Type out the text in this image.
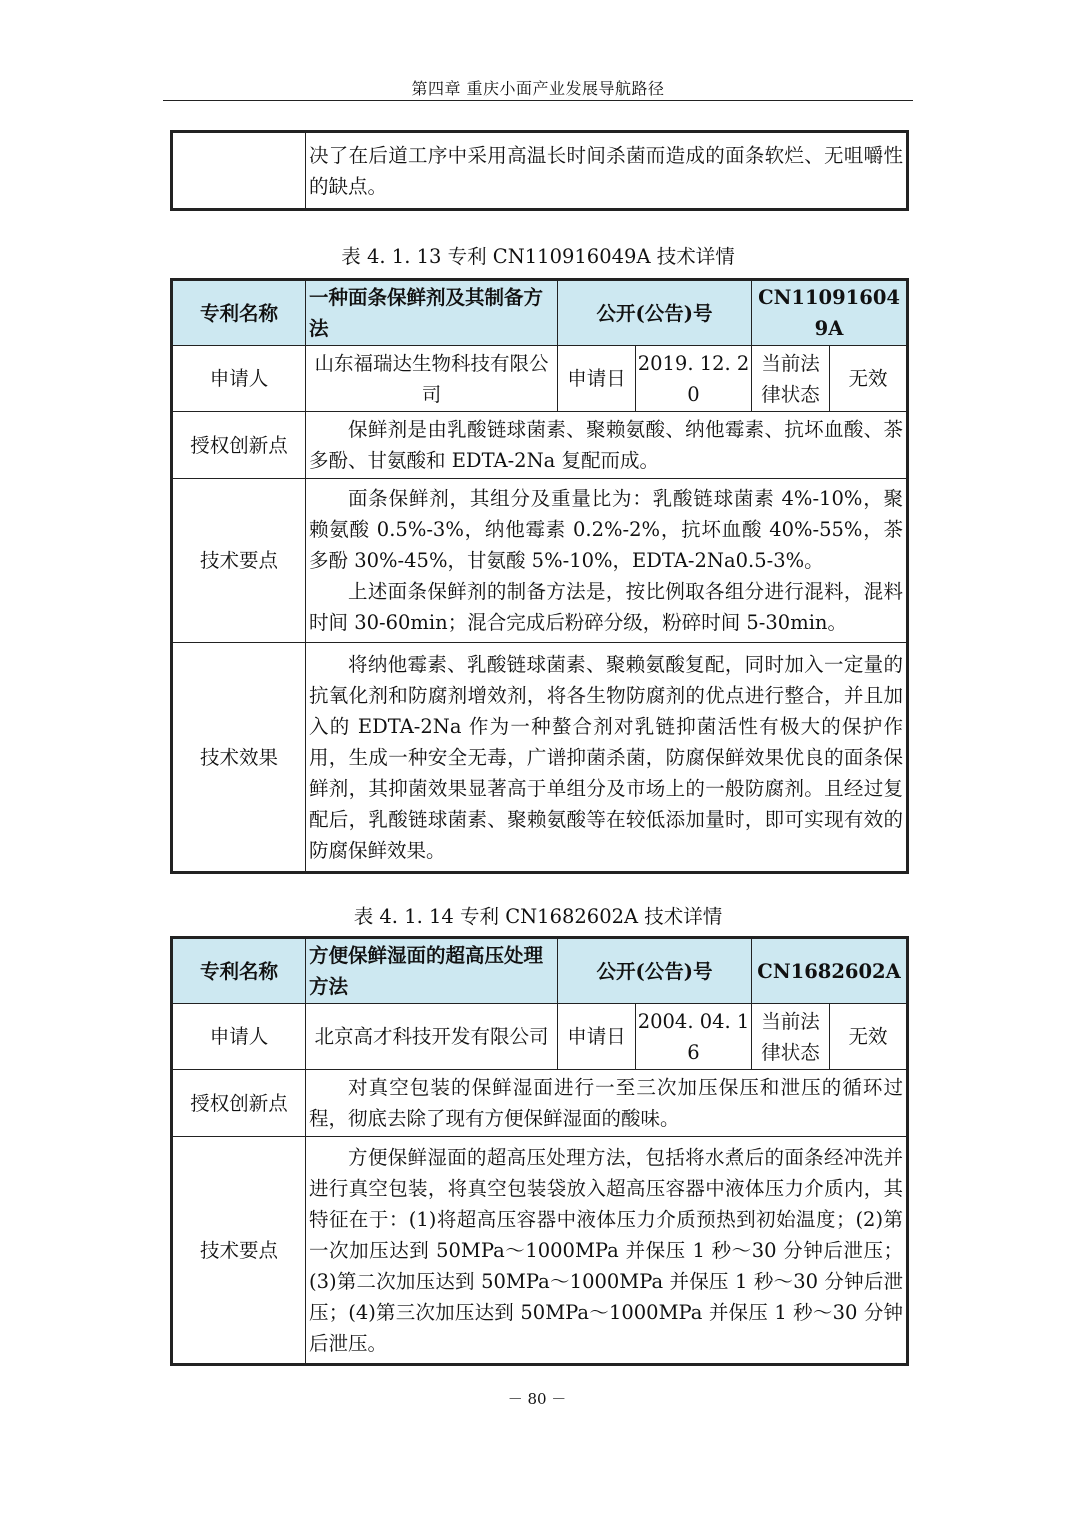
第四章 重庆小面产业发展导航路径
	决了在后道工序中采用高温长时间杀菌而造成的面条软烂、无咀嚼性的缺点。
表 4. 1. 13 专利 CN110916049A 技术详情
专利名称	一种面条保鲜剂及其制备方法	公开(公告)号		CN110916049A	
申请人	山东福瑞达生物科技有限公司	申请日	2019. 12. 20	当前法律状态	无效
授权创新点	保鲜剂是由乳酸链球菌素、聚赖氨酸、纳他霉素、抗坏血酸、茶多酚、甘氨酸和 EDTA-2Na 复配而成。				

技术要点	面条保鲜剂，其组分及重量比为：乳酸链球菌素 4%-10%，聚赖氨酸 0.5%-3%，纳他霉素 0.2%-2%，抗坏血酸 40%-55%，茶多酚 30%-45%，甘氨酸 5%-10%，EDTA-2Na0.5-3%。

上述面条保鲜剂的制备方法是，按比例取各组分进行混料，混料时间 30-60min；混合完成后粉碎分级，粉碎时间 5-30min。				

技术效果	将纳他霉素、乳酸链球菌素、聚赖氨酸复配，同时加入一定量的抗氧化剂和防腐剂增效剂，将各生物防腐剂的优点进行整合，并且加入的 EDTA-2Na 作为一种螯合剂对乳链抑菌活性有极大的保护作用，生成一种安全无毒，广谱抑菌杀菌，防腐保鲜效果优良的面条保鲜剂，其抑菌效果显著高于单组分及市场上的一般防腐剂。且经过复配后，乳酸链球菌素、聚赖氨酸等在较低添加量时，即可实现有效的防腐保鲜效果。				

表 4. 1. 14 专利 CN1682602A 技术详情
专利名称	方便保鲜湿面的超高压处理方法	公开(公告)号		CN1682602A	
申请人	北京高才科技开发有限公司	申请日	2004. 04. 16	当前法律状态	无效
授权创新点	对真空包装的保鲜湿面进行一至三次加压保压和泄压的循环过程，彻底去除了现有方便保鲜湿面的酸味。				

技术要点	方便保鲜湿面的超高压处理方法，包括将水煮后的面条经冲洗并进行真空包装，将真空包装袋放入超高压容器中液体压力介质内，其特征在于：(1)将超高压容器中液体压力介质预热到初始温度；(2)第一次加压达到 50MPa～1000MPa 并保压 1 秒～30 分钟后泄压；(3)第二次加压达到 50MPa～1000MPa 并保压 1 秒～30 分钟后泄压；(4)第三次加压达到 50MPa～1000MPa 并保压 1 秒～30 分钟后泄压。				

－ 80 －
